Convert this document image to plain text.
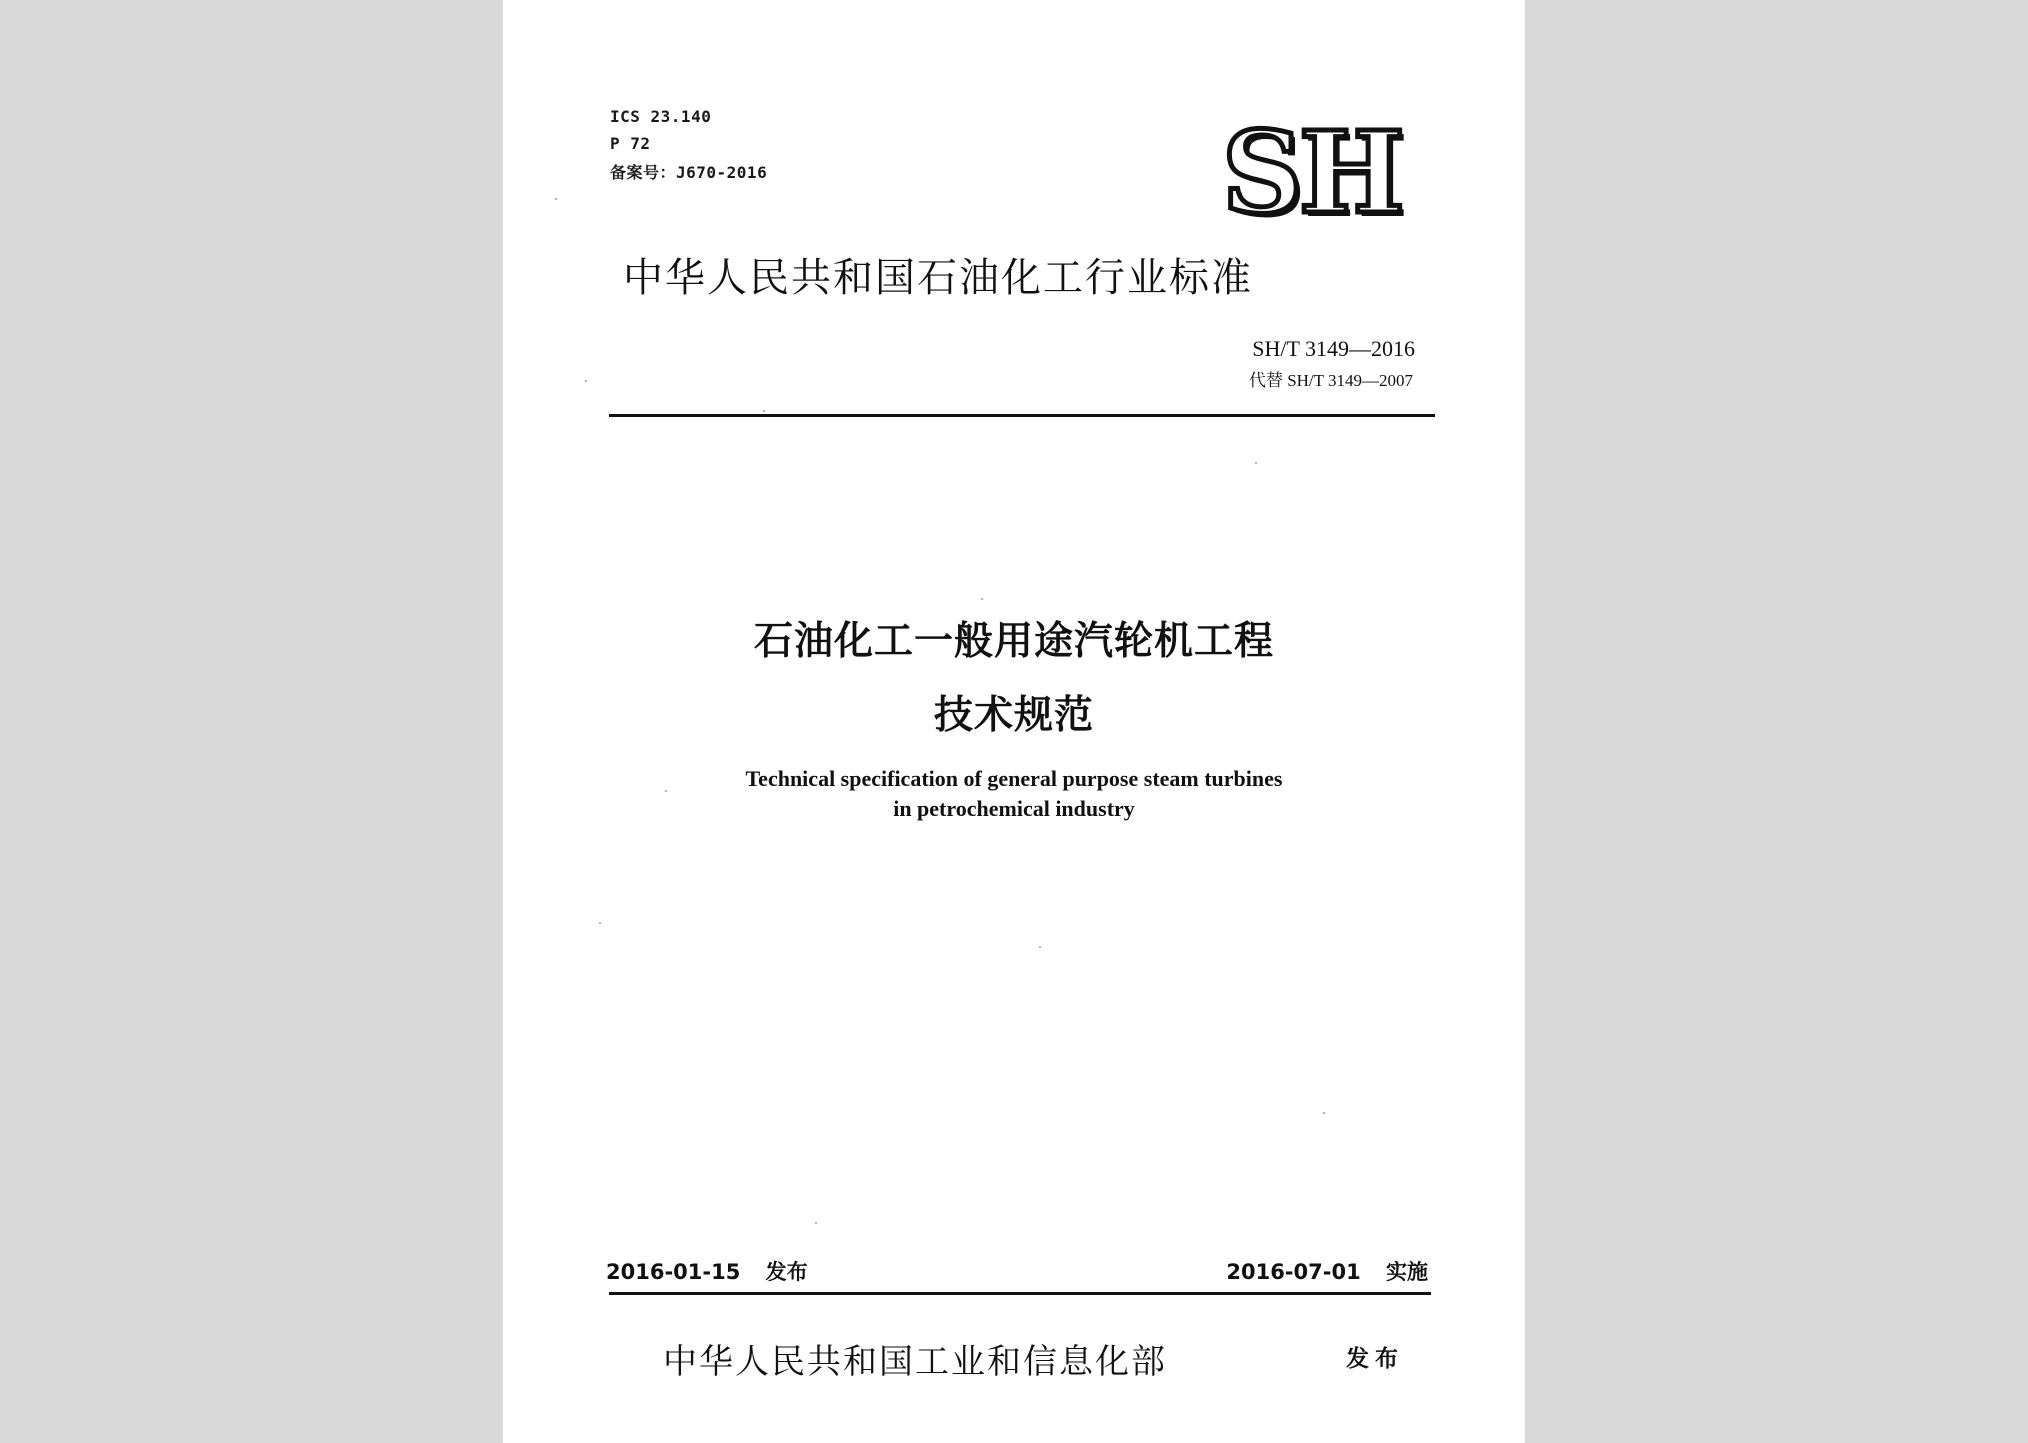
ICS 23.140
P 72
备案号：J670-2016	SH
中华人民共和国石油化工行业标准
SH/T 3149—2016
代替 SH/T 3149—2007
石油化工一般用途汽轮机工程
技术规范
Technical specification of general purpose steam turbines
in petrochemical industry
2016-01-15 发布	2016-07-01 实施
中华人民共和国工业和信息化部	发布
